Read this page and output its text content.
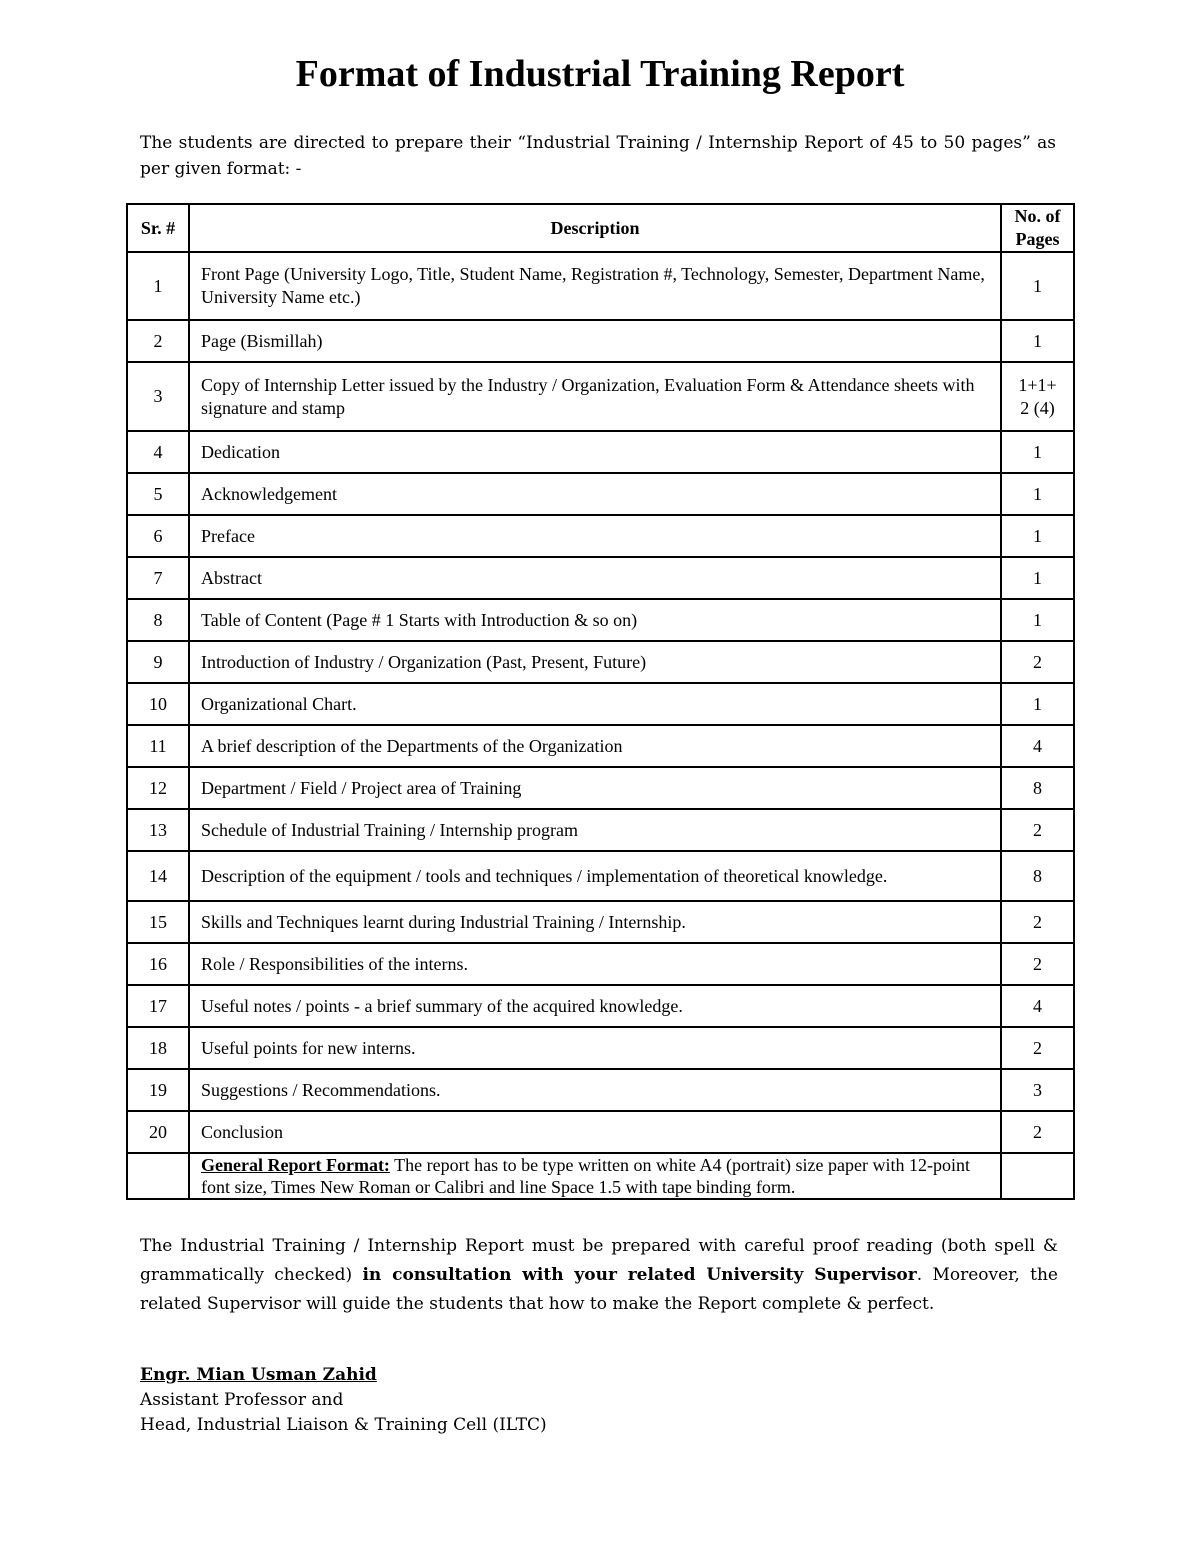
Format of Industrial Training Report

The students are directed to prepare their “Industrial Training / Internship Report of 45 to 50 pages” as per given format: -

Sr. #	Description	No. of Pages
1	Front Page (University Logo, Title, Student Name, Registration #, Technology, Semester, Department Name, University Name etc.)	1
2	Page (Bismillah)	1
3	Copy of Internship Letter issued by the Industry / Organization, Evaluation Form & Attendance sheets with signature and stamp	1+1+ 2 (4)
4	Dedication	1
5	Acknowledgement	1
6	Preface	1
7	Abstract	1
8	Table of Content (Page # 1 Starts with Introduction & so on)	1
9	Introduction of Industry / Organization (Past, Present, Future)	2
10	Organizational Chart.	1
11	A brief description of the Departments of the Organization	4
12	Department / Field / Project area of Training	8
13	Schedule of Industrial Training / Internship program	2
14	Description of the equipment / tools and techniques / implementation of theoretical knowledge.	8
15	Skills and Techniques learnt during Industrial Training / Internship.	2
16	Role / Responsibilities of the interns.	2
17	Useful notes / points - a brief summary of the acquired knowledge.	4
18	Useful points for new interns.	2
19	Suggestions / Recommendations.	3
20	Conclusion	2
	General Report Format: The report has to be type written on white A4 (portrait) size paper with 12-point font size, Times New Roman or Calibri and line Space 1.5 with tape binding form.	

The Industrial Training / Internship Report must be prepared with careful proof reading (both spell & grammatically checked) in consultation with your related University Supervisor. Moreover, the related Supervisor will guide the students that how to make the Report complete & perfect.

Engr. Mian Usman Zahid
Assistant Professor and
Head, Industrial Liaison & Training Cell (ILTC)
